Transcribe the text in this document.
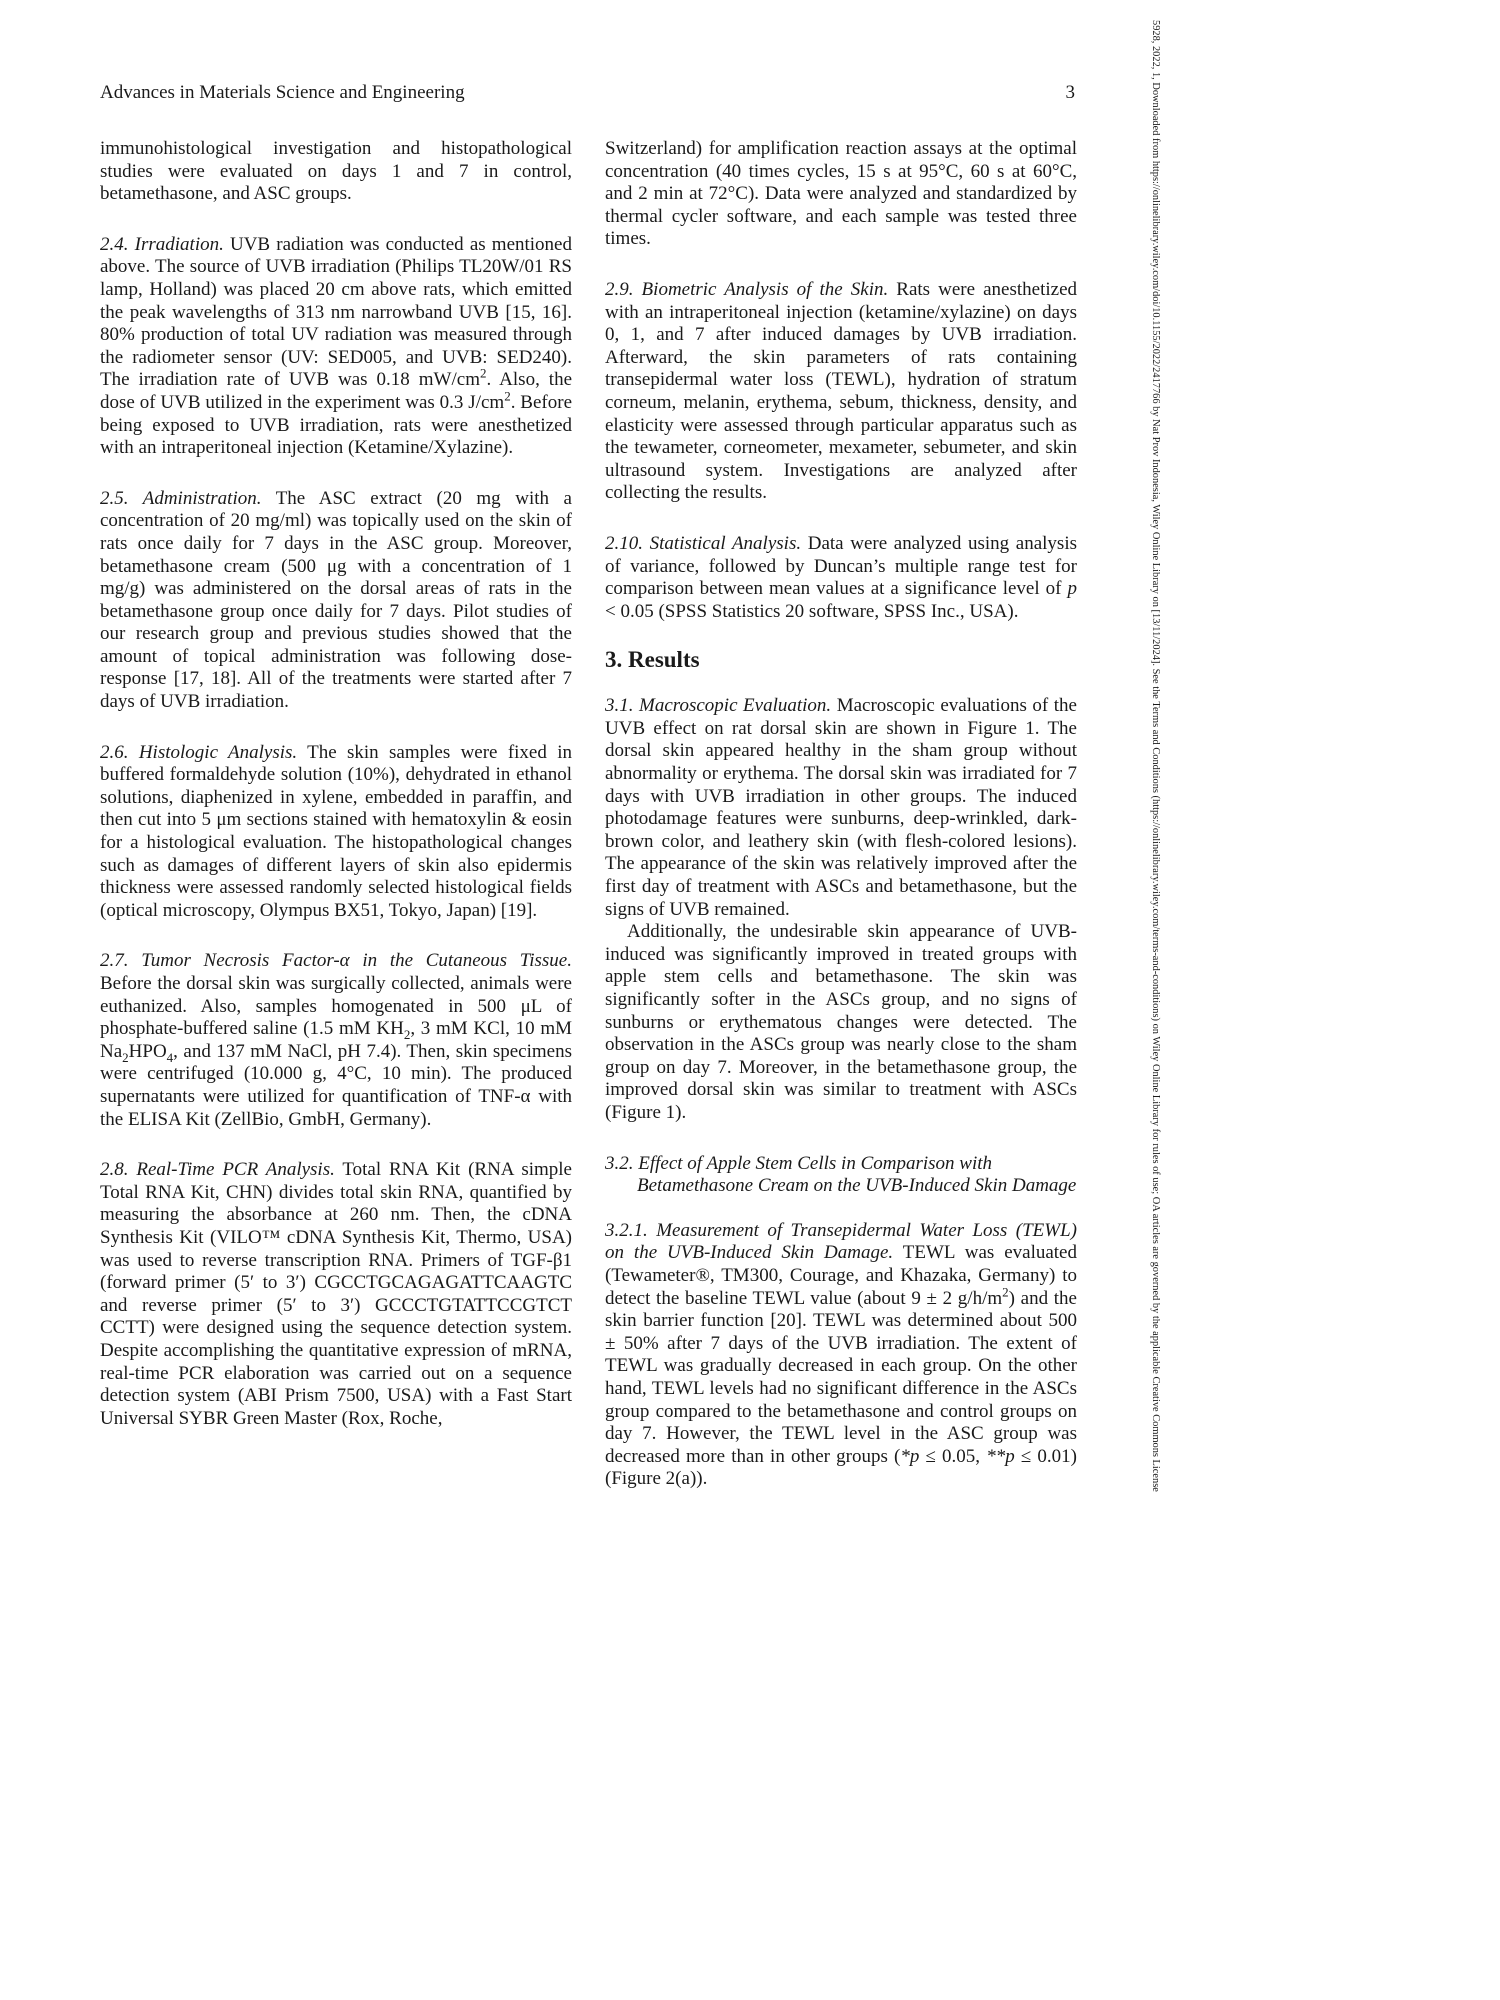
Advances in Materials Science and Engineering	3	5928, 2022, 1, Downloaded from https://onlinelibrary.wiley.com/doi/10.1155/2022/2417766 by Nat Prov Indonesia, Wiley Online Library on [13/11/2024]. See the Terms and Conditions (https://onlinelibrary.wiley.com/terms-and-conditions) on Wiley Online Library for rules of use; OA articles are governed by the applicable Creative Commons License

immunohistological investigation and histopathological studies were evaluated on days 1 and 7 in control, betamethasone, and ASC groups.

2.4. Irradiation. UVB radiation was conducted as mentioned above. The source of UVB irradiation (Philips TL20W/01 RS lamp, Holland) was placed 20 cm above rats, which emitted the peak wavelengths of 313 nm narrowband UVB [15, 16]. 80% production of total UV radiation was measured through the radiometer sensor (UV: SED005, and UVB: SED240). The irradiation rate of UVB was 0.18 $mW/cm^2$. Also, the dose of UVB utilized in the experiment was 0.3 $J/cm^2$. Before being exposed to UVB irradiation, rats were anesthetized with an intraperitoneal injection (Ketamine/Xylazine).

2.5. Administration. The ASC extract (20 mg with a concentration of 20 mg/ml) was topically used on the skin of rats once daily for 7 days in the ASC group. Moreover, betamethasone cream (500 μg with a concentration of 1 mg/g) was administered on the dorsal areas of rats in the betamethasone group once daily for 7 days. Pilot studies of our research group and previous studies showed that the amount of topical administration was following dose-response [17, 18]. All of the treatments were started after 7 days of UVB irradiation.

2.6. Histologic Analysis. The skin samples were fixed in buffered formaldehyde solution (10%), dehydrated in ethanol solutions, diaphenized in xylene, embedded in paraffin, and then cut into 5 μm sections stained with hematoxylin & eosin for a histological evaluation. The histopathological changes such as damages of different layers of skin also epidermis thickness were assessed randomly selected histological fields (optical microscopy, Olympus BX51, Tokyo, Japan) [19].

2.7. Tumor Necrosis Factor-α in the Cutaneous Tissue. Before the dorsal skin was surgically collected, animals were euthanized. Also, samples homogenated in 500 μL of phosphate-buffered saline (1.5 mM $KH_2$, 3 mM KCl, 10 mM $Na_2HPO_4$, and 137 mM NaCl, pH 7.4). Then, skin specimens were centrifuged (10.000 g, 4°C, 10 min). The produced supernatants were utilized for quantification of TNF-α with the ELISA Kit (ZellBio, GmbH, Germany).

2.8. Real-Time PCR Analysis. Total RNA Kit (RNA simple Total RNA Kit, CHN) divides total skin RNA, quantified by measuring the absorbance at 260 nm. Then, the cDNA Synthesis Kit (VILO™ cDNA Synthesis Kit, Thermo, USA) was used to reverse transcription RNA. Primers of TGF-β1 (forward primer (5′ to 3′) CGCCTGCAGAGATTCAAGTC and reverse primer (5′ to 3′) GCCCTGTATTCCGTCT CCTT) were designed using the sequence detection system. Despite accomplishing the quantitative expression of mRNA, real-time PCR elaboration was carried out on a sequence detection system (ABI Prism 7500, USA) with a Fast Start Universal SYBR Green Master (Rox, Roche,

Switzerland) for amplification reaction assays at the optimal concentration (40 times cycles, 15 s at 95°C, 60 s at 60°C, and 2 min at 72°C). Data were analyzed and standardized by thermal cycler software, and each sample was tested three times.

2.9. Biometric Analysis of the Skin. Rats were anesthetized with an intraperitoneal injection (ketamine/xylazine) on days 0, 1, and 7 after induced damages by UVB irradiation. Afterward, the skin parameters of rats containing transepidermal water loss (TEWL), hydration of stratum corneum, melanin, erythema, sebum, thickness, density, and elasticity were assessed through particular apparatus such as the tewameter, corneometer, mexameter, sebumeter, and skin ultrasound system. Investigations are analyzed after collecting the results.

2.10. Statistical Analysis. Data were analyzed using analysis of variance, followed by Duncan’s multiple range test for comparison between mean values at a significance level of p < 0.05 (SPSS Statistics 20 software, SPSS Inc., USA).

3. Results

3.1. Macroscopic Evaluation. Macroscopic evaluations of the UVB effect on rat dorsal skin are shown in Figure 1. The dorsal skin appeared healthy in the sham group without abnormality or erythema. The dorsal skin was irradiated for 7 days with UVB irradiation in other groups. The induced photodamage features were sunburns, deep-wrinkled, dark-brown color, and leathery skin (with flesh-colored lesions). The appearance of the skin was relatively improved after the first day of treatment with ASCs and betamethasone, but the signs of UVB remained.

Additionally, the undesirable skin appearance of UVB-induced was significantly improved in treated groups with apple stem cells and betamethasone. The skin was significantly softer in the ASCs group, and no signs of sunburns or erythematous changes were detected. The observation in the ASCs group was nearly close to the sham group on day 7. Moreover, in the betamethasone group, the improved dorsal skin was similar to treatment with ASCs (Figure 1).

3.2. Effect of Apple Stem Cells in Comparison with
Betamethasone Cream on the UVB-Induced Skin Damage

3.2.1. Measurement of Transepidermal Water Loss (TEWL) on the UVB-Induced Skin Damage. TEWL was evaluated (Tewameter®, TM300, Courage, and Khazaka, Germany) to detect the baseline TEWL value (about 9 ± 2 $g/h/m^2$) and the skin barrier function [20]. TEWL was determined about 500 ± 50% after 7 days of the UVB irradiation. The extent of TEWL was gradually decreased in each group. On the other hand, TEWL levels had no significant difference in the ASCs group compared to the betamethasone and control groups on day 7. However, the TEWL level in the ASC group was decreased more than in other groups (*p ≤ 0.05, **p ≤ 0.01) (Figure 2(a)).
